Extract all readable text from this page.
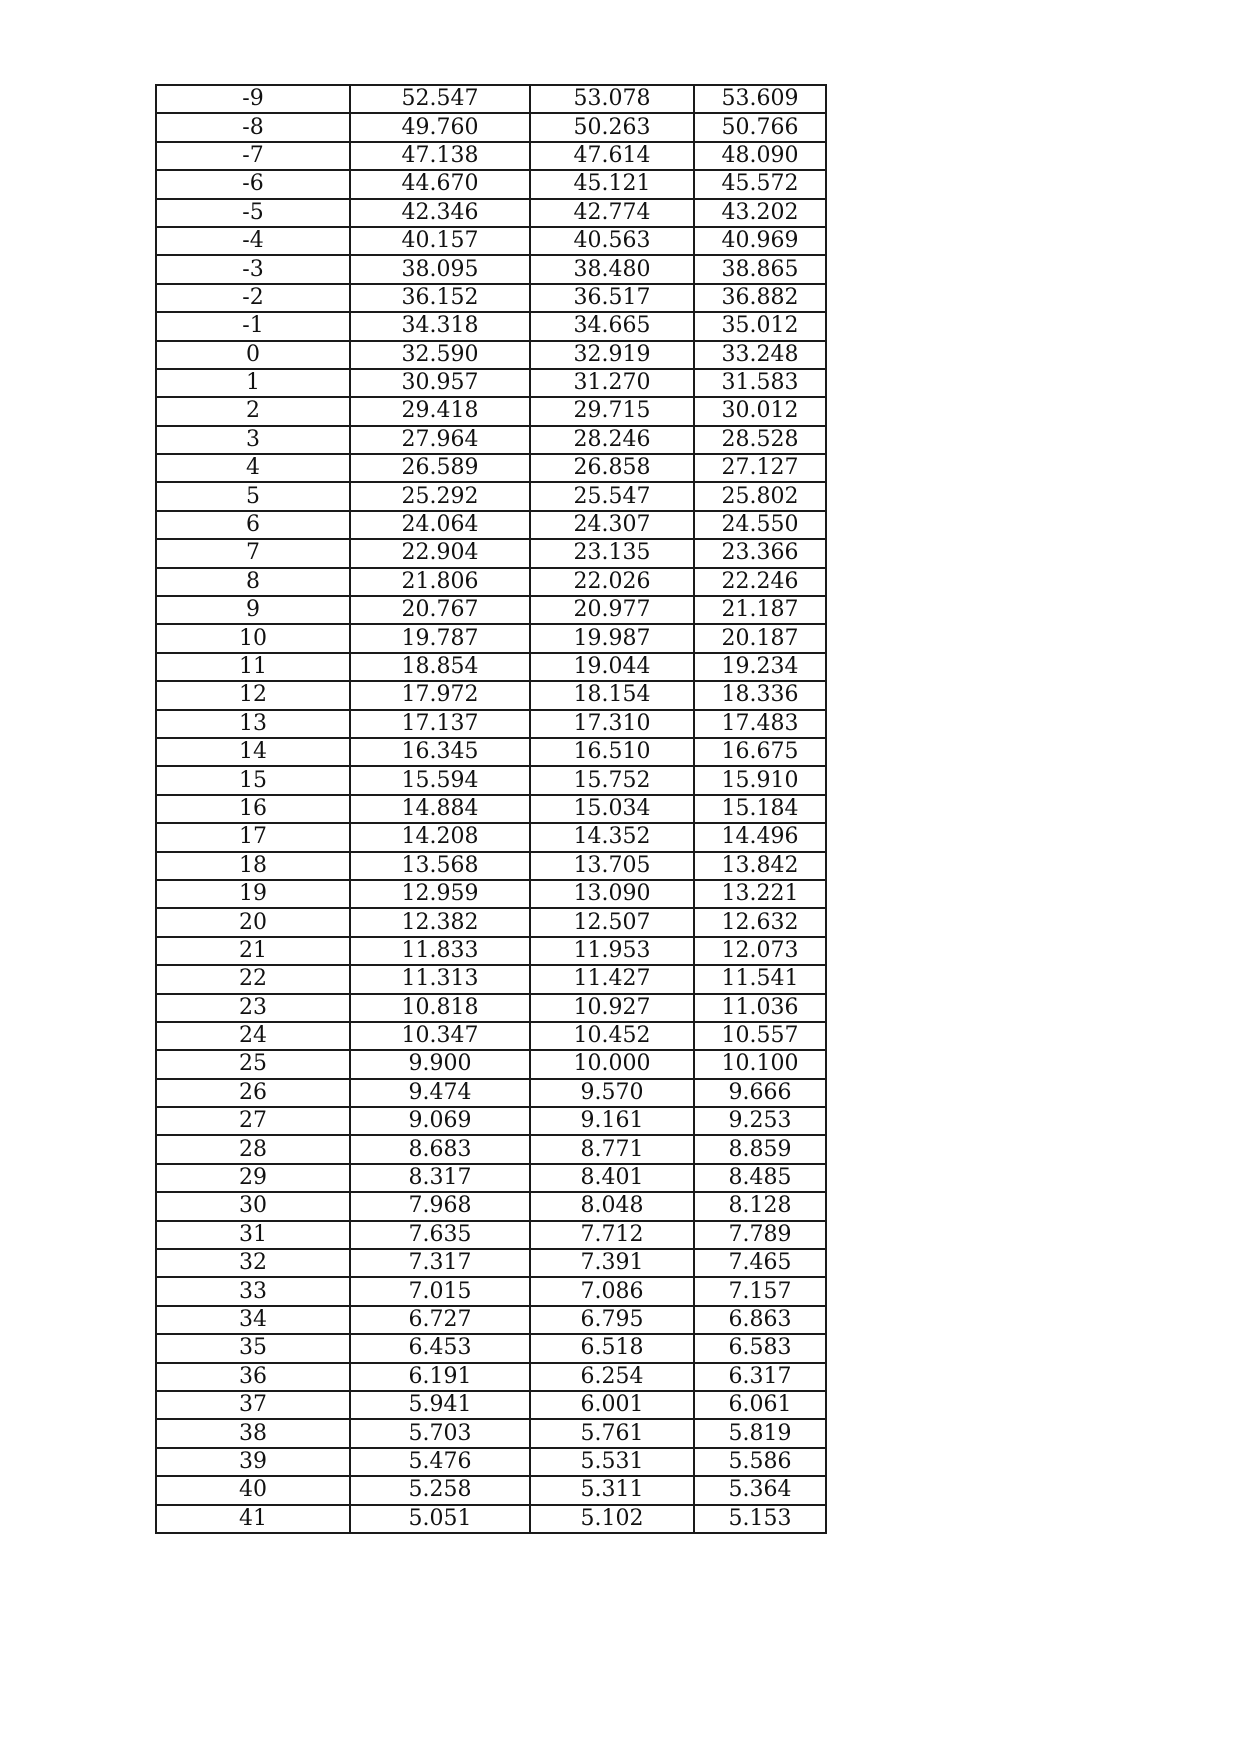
-9	52.547	53.078	53.609
-8	49.760	50.263	50.766
-7	47.138	47.614	48.090
-6	44.670	45.121	45.572
-5	42.346	42.774	43.202
-4	40.157	40.563	40.969
-3	38.095	38.480	38.865
-2	36.152	36.517	36.882
-1	34.318	34.665	35.012
0	32.590	32.919	33.248
1	30.957	31.270	31.583
2	29.418	29.715	30.012
3	27.964	28.246	28.528
4	26.589	26.858	27.127
5	25.292	25.547	25.802
6	24.064	24.307	24.550
7	22.904	23.135	23.366
8	21.806	22.026	22.246
9	20.767	20.977	21.187
10	19.787	19.987	20.187
11	18.854	19.044	19.234
12	17.972	18.154	18.336
13	17.137	17.310	17.483
14	16.345	16.510	16.675
15	15.594	15.752	15.910
16	14.884	15.034	15.184
17	14.208	14.352	14.496
18	13.568	13.705	13.842
19	12.959	13.090	13.221
20	12.382	12.507	12.632
21	11.833	11.953	12.073
22	11.313	11.427	11.541
23	10.818	10.927	11.036
24	10.347	10.452	10.557
25	9.900	10.000	10.100
26	9.474	9.570	9.666
27	9.069	9.161	9.253
28	8.683	8.771	8.859
29	8.317	8.401	8.485
30	7.968	8.048	8.128
31	7.635	7.712	7.789
32	7.317	7.391	7.465
33	7.015	7.086	7.157
34	6.727	6.795	6.863
35	6.453	6.518	6.583
36	6.191	6.254	6.317
37	5.941	6.001	6.061
38	5.703	5.761	5.819
39	5.476	5.531	5.586
40	5.258	5.311	5.364
41	5.051	5.102	5.153
